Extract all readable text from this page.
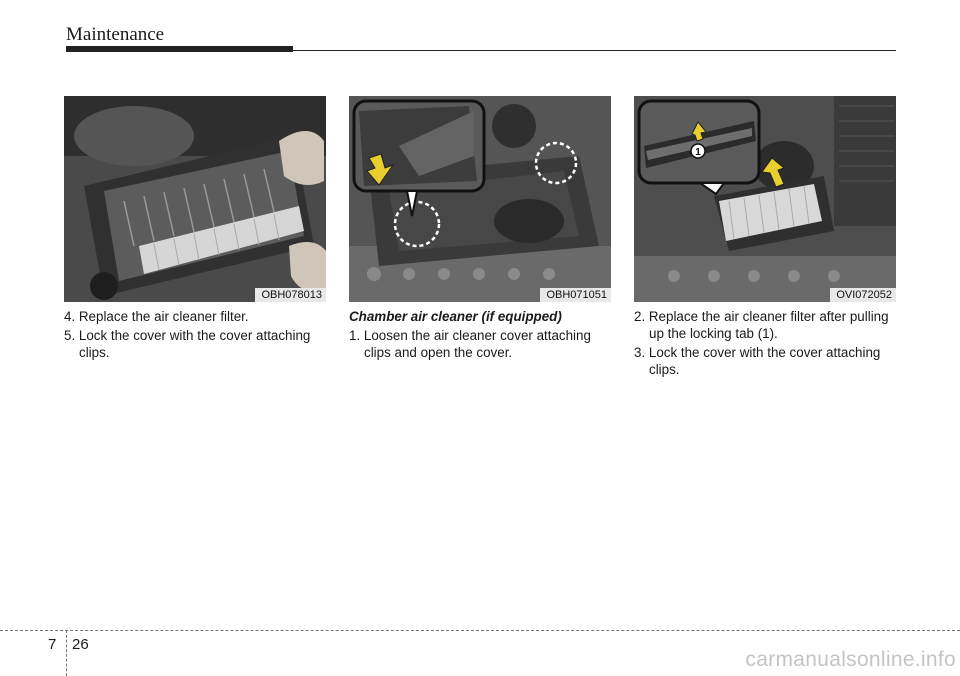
Maintenance
OBH078013	OBH071051
1
OVI072052

4. Replace the air cleaner filter.

5. Lock the cover with the cover attaching clips.

Chamber air cleaner (if equipped)

1. Loosen the air cleaner cover attaching clips and open the cover.

2. Replace the air cleaner filter after pulling up the locking tab (1).

3. Lock the cover with the cover attaching clips.

7 26
carmanualsonline.info
